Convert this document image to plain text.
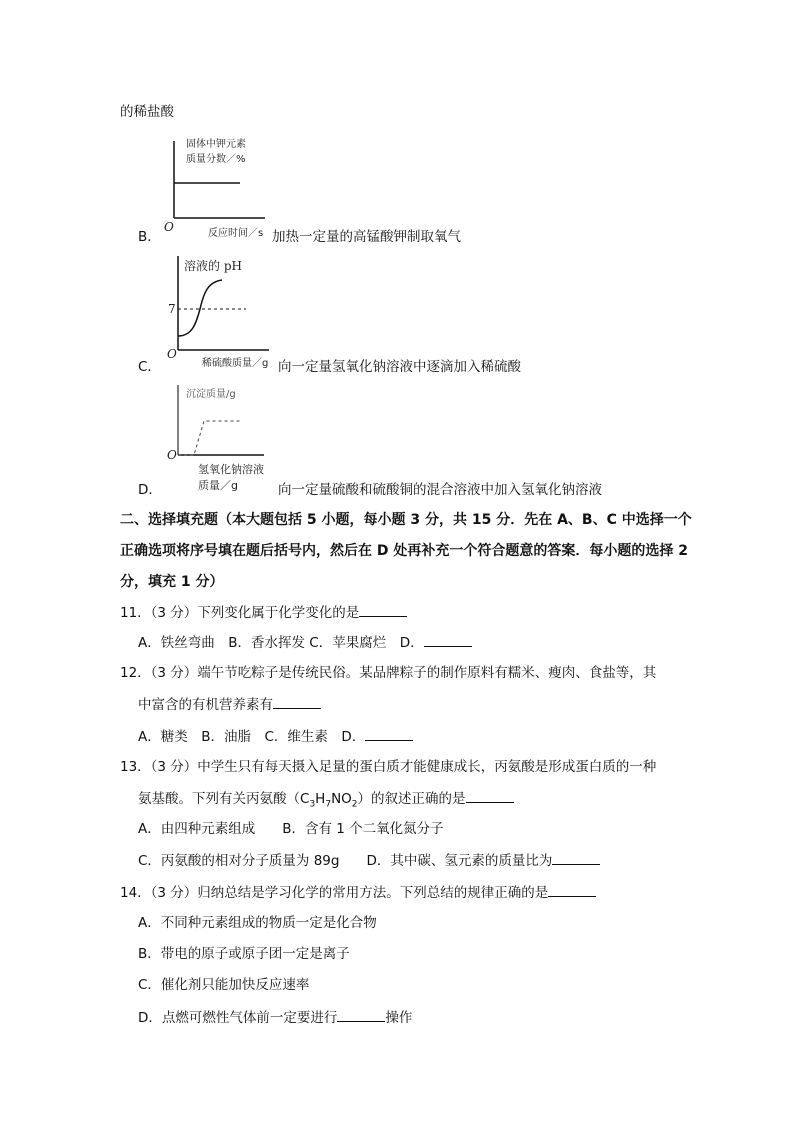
的稀盐酸
固体中钾元素
质量分数／%
O	反应时间／s
B．	加热一定量的高锰酸钾制取氧气
溶液的 pH
7
O
稀硫酸质量／g
C．	向一定量氢氧化钠溶液中逐滴加入稀硫酸
沉淀质量/g
O
氢氧化钠溶液
质量／g
D．	向一定量硫酸和硫酸铜的混合溶液中加入氢氧化钠溶液
二、选择填充题（本大题包括 5 小题，每小题 3 分，共 15 分．先在 A、B、C 中选择一个
正确选项将序号填在题后括号内，然后在 D 处再补充一个符合题意的答案．每小题的选择 2
分，填充 1 分）
11．（3 分）下列变化属于化学变化的是
A．铁丝弯曲　B．香水挥发 C．苹果腐烂　D．
12．（3 分）端午节吃粽子是传统民俗。某品牌粽子的制作原料有糯米、瘦肉、食盐等，其
中富含的有机营养素有
A．糖类　B．油脂　C．维生素　D．
13．（3 分）中学生只有每天摄入足量的蛋白质才能健康成长，丙氨酸是形成蛋白质的一种
氨基酸。下列有关丙氨酸$(C_3H_7NO_2)$的叙述正确的是
A．由四种元素组成　　B．含有 1 个二氧化氮分子
C．丙氨酸的相对分子质量为 89g　　D．其中碳、氢元素的质量比为
14．（3 分）归纳总结是学习化学的常用方法。下列总结的规律正确的是
A．不同种元素组成的物质一定是化合物
B．带电的原子或原子团一定是离子
C．催化剂只能加快反应速率
D．点燃可燃性气体前一定要进行	操作
